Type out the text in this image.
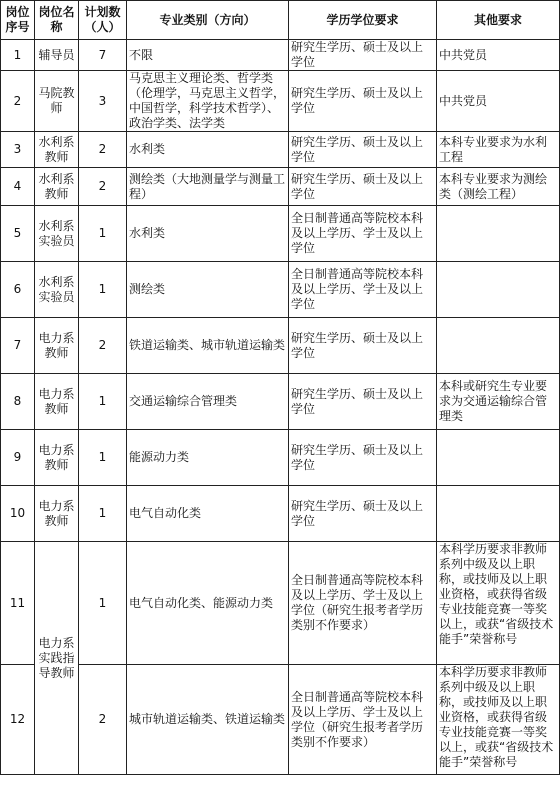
岗位序号	岗位名称	计划数（人）	专业类别（方向）	学历学位要求	其他要求
1	辅导员	7	不限	研究生学历、硕士及以上学位	中共党员
2	马院教师	3	马克思主义理论类、哲学类（伦理学，马克思主义哲学，中国哲学，科学技术哲学）、政治学类、法学类	研究生学历、硕士及以上学位	中共党员
3	水利系教师	2	水利类	研究生学历、硕士及以上学位	本科专业要求为水利工程
4	水利系教师	2	测绘类（大地测量学与测量工程）	研究生学历、硕士及以上学位	本科专业要求为测绘类（测绘工程）
5	水利系实验员	1	水利类	全日制普通高等院校本科及以上学历、学士及以上学位	
6	水利系实验员	1	测绘类	全日制普通高等院校本科及以上学历、学士及以上学位	
7	电力系教师	2	铁道运输类、城市轨道运输类	研究生学历、硕士及以上学位	
8	电力系教师	1	交通运输综合管理类	研究生学历、硕士及以上学位	本科或研究生专业要求为交通运输综合管理类
9	电力系教师	1	能源动力类	研究生学历、硕士及以上学位	
10	电力系教师	1	电气自动化类	研究生学历、硕士及以上学位	
11	电力系实践指导教师	1	电气自动化类、能源动力类	全日制普通高等院校本科及以上学历、学士及以上学位（研究生报考者学历类别不作要求）	本科学历要求非教师系列中级及以上职称，或技师及以上职业资格，或获得省级专业技能竞赛一等奖以上，或获“省级技术能手”荣誉称号
12		2	城市轨道运输类、铁道运输类	全日制普通高等院校本科及以上学历、学士及以上学位（研究生报考者学历类别不作要求）	本科学历要求非教师系列中级及以上职称，或技师及以上职业资格，或获得省级专业技能竞赛一等奖以上，或获“省级技术能手”荣誉称号
